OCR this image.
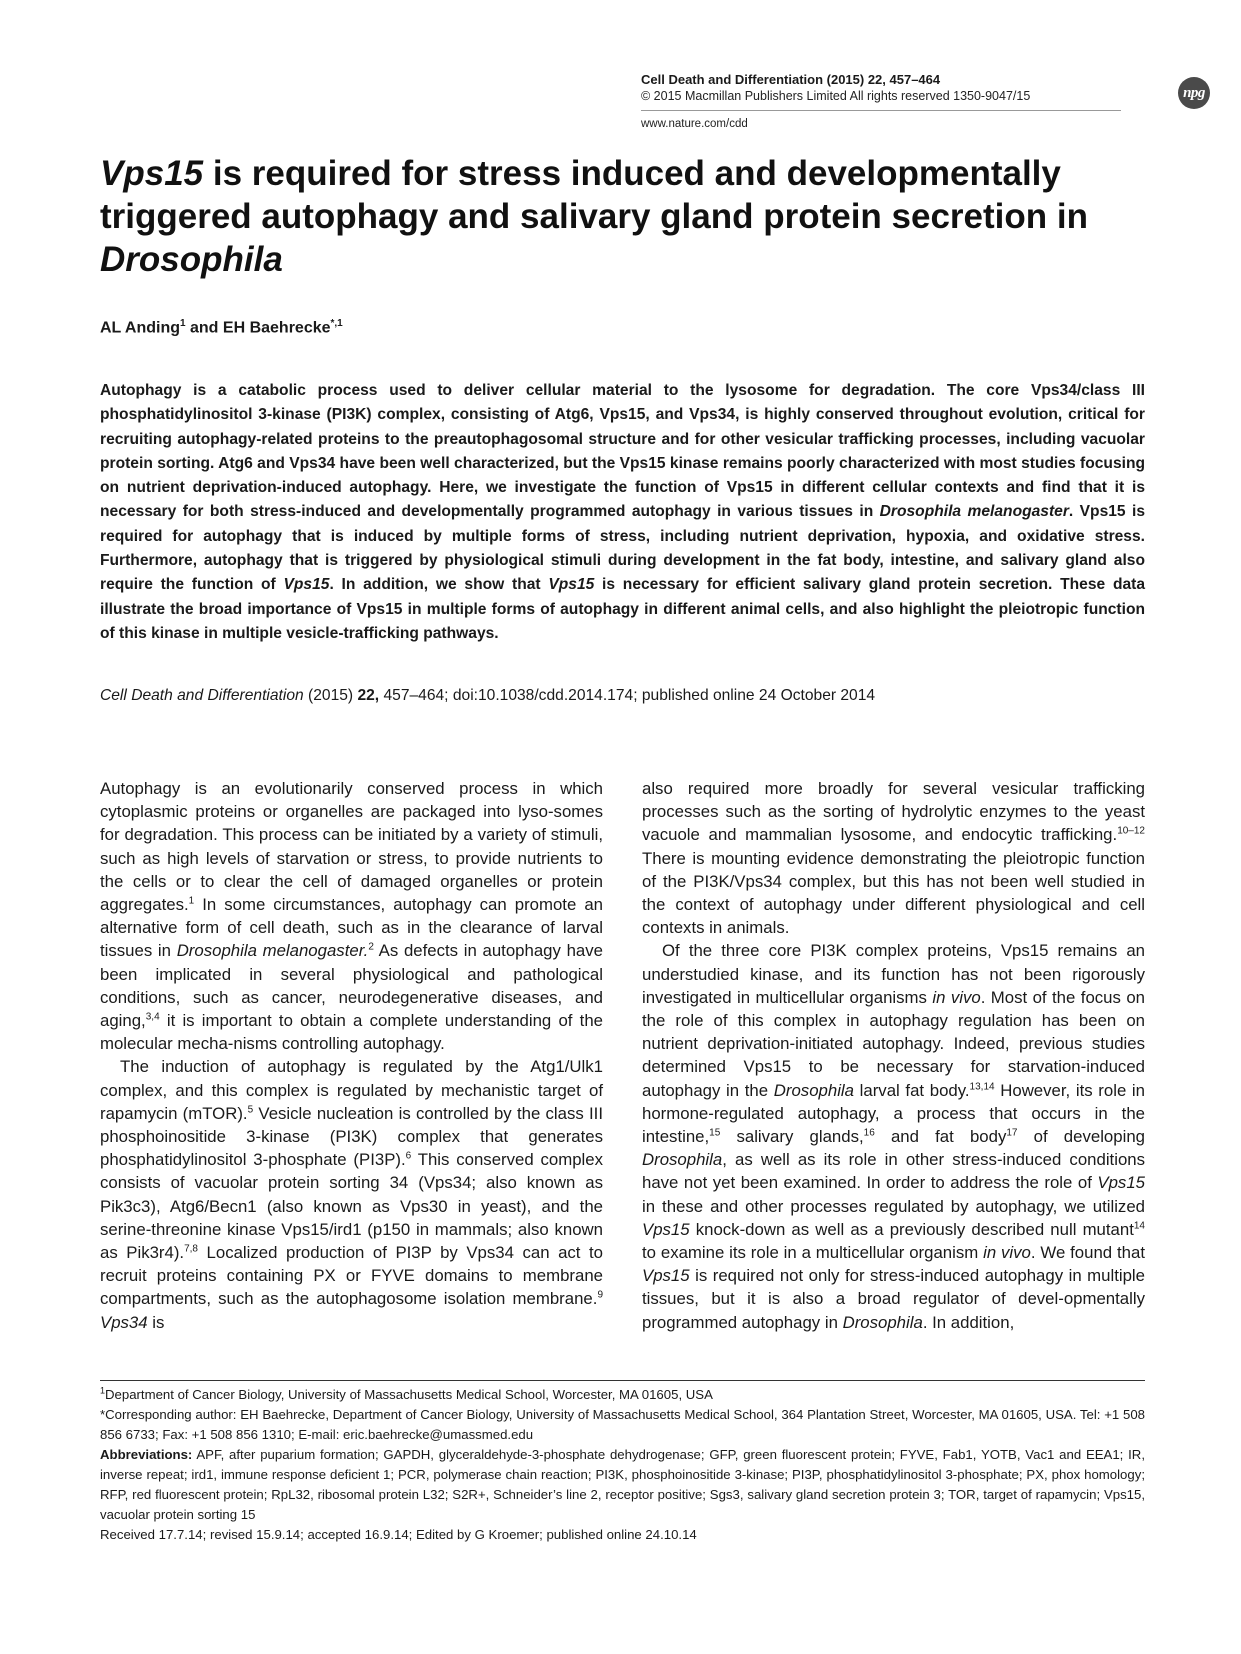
Cell Death and Differentiation (2015) 22, 457–464
© 2015 Macmillan Publishers Limited All rights reserved 1350-9047/15
www.nature.com/cdd
npg
Vps15 is required for stress induced and developmentally triggered autophagy and salivary gland protein secretion in Drosophila
AL Anding$^1$ and EH Baehrecke$^{*,1}$

Autophagy is a catabolic process used to deliver cellular material to the lysosome for degradation. The core Vps34/class III phosphatidylinositol 3-kinase (PI3K) complex, consisting of Atg6, Vps15, and Vps34, is highly conserved throughout evolution, critical for recruiting autophagy-related proteins to the preautophagosomal structure and for other vesicular trafficking processes, including vacuolar protein sorting. Atg6 and Vps34 have been well characterized, but the Vps15 kinase remains poorly characterized with most studies focusing on nutrient deprivation-induced autophagy. Here, we investigate the function of Vps15 in different cellular contexts and find that it is necessary for both stress-induced and developmentally programmed autophagy in various tissues in Drosophila melanogaster. Vps15 is required for autophagy that is induced by multiple forms of stress, including nutrient deprivation, hypoxia, and oxidative stress. Furthermore, autophagy that is triggered by physiological stimuli during development in the fat body, intestine, and salivary gland also require the function of Vps15. In addition, we show that Vps15 is necessary for efficient salivary gland protein secretion. These data illustrate the broad importance of Vps15 in multiple forms of autophagy in different animal cells, and also highlight the pleiotropic function of this kinase in multiple vesicle-trafficking pathways.

Cell Death and Differentiation (2015) 22, 457–464; doi:10.1038/cdd.2014.174; published online 24 October 2014

Autophagy is an evolutionarily conserved process in which cytoplasmic proteins or organelles are packaged into lyso-somes for degradation. This process can be initiated by a variety of stimuli, such as high levels of starvation or stress, to provide nutrients to the cells or to clear the cell of damaged organelles or protein aggregates.$^1$ In some circumstances, autophagy can promote an alternative form of cell death, such as in the clearance of larval tissues in Drosophila melanogaster.$^2$ As defects in autophagy have been implicated in several physiological and pathological conditions, such as cancer, neurodegenerative diseases, and aging,$^{3,4}$ it is important to obtain a complete understanding of the molecular mecha-nisms controlling autophagy.

The induction of autophagy is regulated by the Atg1/Ulk1 complex, and this complex is regulated by mechanistic target of rapamycin (mTOR).$^5$ Vesicle nucleation is controlled by the class III phosphoinositide 3-kinase (PI3K) complex that generates phosphatidylinositol 3-phosphate (PI3P).$^6$ This conserved complex consists of vacuolar protein sorting 34 (Vps34; also known as Pik3c3), Atg6/Becn1 (also known as Vps30 in yeast), and the serine-threonine kinase Vps15/ird1 (p150 in mammals; also known as Pik3r4).$^{7,8}$ Localized production of PI3P by Vps34 can act to recruit proteins containing PX or FYVE domains to membrane compartments, such as the autophagosome isolation membrane.$^9$ Vps34 is

also required more broadly for several vesicular trafficking processes such as the sorting of hydrolytic enzymes to the yeast vacuole and mammalian lysosome, and endocytic trafficking.$^{10-12}$ There is mounting evidence demonstrating the pleiotropic function of the PI3K/Vps34 complex, but this has not been well studied in the context of autophagy under different physiological and cell contexts in animals.

Of the three core PI3K complex proteins, Vps15 remains an understudied kinase, and its function has not been rigorously investigated in multicellular organisms in vivo. Most of the focus on the role of this complex in autophagy regulation has been on nutrient deprivation-initiated autophagy. Indeed, previous studies determined Vps15 to be necessary for starvation-induced autophagy in the Drosophila larval fat body.$^{13,14}$ However, its role in hormone-regulated autophagy, a process that occurs in the intestine,$^{15}$ salivary glands,$^{16}$ and fat body$^{17}$ of developing Drosophila, as well as its role in other stress-induced conditions have not yet been examined. In order to address the role of Vps15 in these and other processes regulated by autophagy, we utilized Vps15 knock-down as well as a previously described null mutant$^{14}$ to examine its role in a multicellular organism in vivo. We found that Vps15 is required not only for stress-induced autophagy in multiple tissues, but it is also a broad regulator of devel-opmentally programmed autophagy in Drosophila. In addition,

$^1$Department of Cancer Biology, University of Massachusetts Medical School, Worcester, MA 01605, USA

*Corresponding author: EH Baehrecke, Department of Cancer Biology, University of Massachusetts Medical School, 364 Plantation Street, Worcester, MA 01605, USA. Tel: +1 508 856 6733; Fax: +1 508 856 1310; E-mail: eric.baehrecke@umassmed.edu

Abbreviations: APF, after puparium formation; GAPDH, glyceraldehyde-3-phosphate dehydrogenase; GFP, green fluorescent protein; FYVE, Fab1, YOTB, Vac1 and EEA1; IR, inverse repeat; ird1, immune response deficient 1; PCR, polymerase chain reaction; PI3K, phosphoinositide 3-kinase; PI3P, phosphatidylinositol 3-phosphate; PX, phox homology; RFP, red fluorescent protein; RpL32, ribosomal protein L32; S2R+, Schneider’s line 2, receptor positive; Sgs3, salivary gland secretion protein 3; TOR, target of rapamycin; Vps15, vacuolar protein sorting 15

Received 17.7.14; revised 15.9.14; accepted 16.9.14; Edited by G Kroemer; published online 24.10.14
